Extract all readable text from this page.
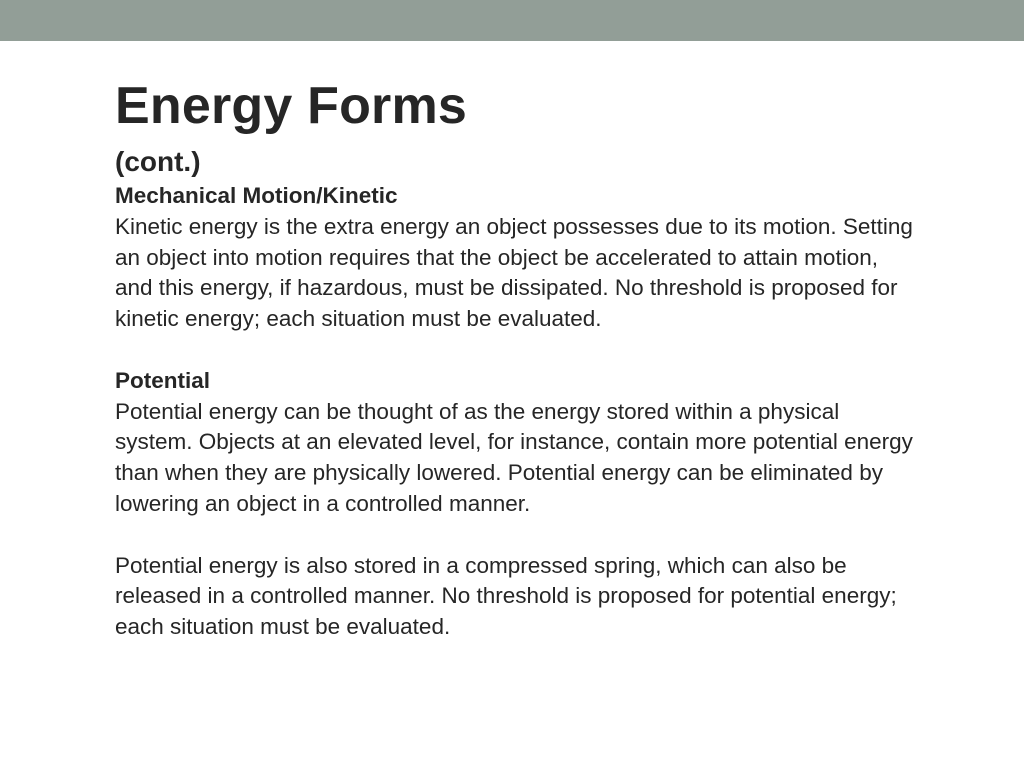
Energy Forms
(cont.)

Mechanical Motion/Kinetic

Kinetic energy is the extra energy an object possesses due to its motion. Setting an object into motion requires that the object be accelerated to attain motion, and this energy, if hazardous, must be dissipated. No threshold is proposed for kinetic energy; each situation must be evaluated.

Potential

Potential energy can be thought of as the energy stored within a physical system. Objects at an elevated level, for instance, contain more potential energy than when they are physically lowered. Potential energy can be eliminated by lowering an object in a controlled manner.

Potential energy is also stored in a compressed spring, which can also be released in a controlled manner. No threshold is proposed for potential energy; each situation must be evaluated.
